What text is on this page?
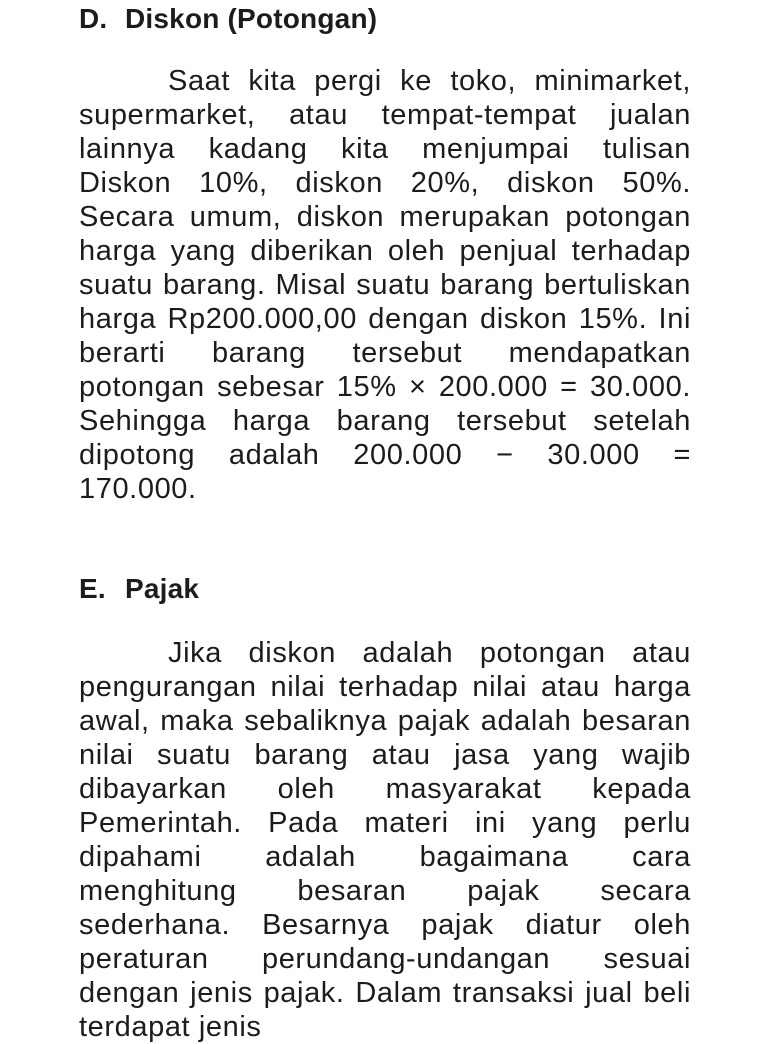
D. Diskon (Potongan)

Saat kita pergi ke toko, minimarket, supermarket, atau tempat-tempat jualan lainnya kadang kita menjumpai tulisan Diskon 10%, diskon 20%, diskon 50%. Secara umum, diskon merupakan potongan harga yang diberikan oleh penjual terhadap suatu barang. Misal suatu barang bertuliskan harga Rp200.000,00 dengan diskon 15%. Ini berarti barang tersebut mendapatkan potongan sebesar 15% × 200.000 = 30.000. Sehingga harga barang tersebut setelah dipotong adalah 200.000 − 30.000 = 170.000.

E. Pajak

Jika diskon adalah potongan atau pengurangan nilai terhadap nilai atau harga awal, maka sebaliknya pajak adalah besaran nilai suatu barang atau jasa yang wajib dibayarkan oleh masyarakat kepada Pemerintah. Pada materi ini yang perlu dipahami adalah bagaimana cara menghitung besaran pajak secara sederhana. Besarnya pajak diatur oleh peraturan perundang-undangan sesuai dengan jenis pajak. Dalam transaksi jual beli terdapat jenis
